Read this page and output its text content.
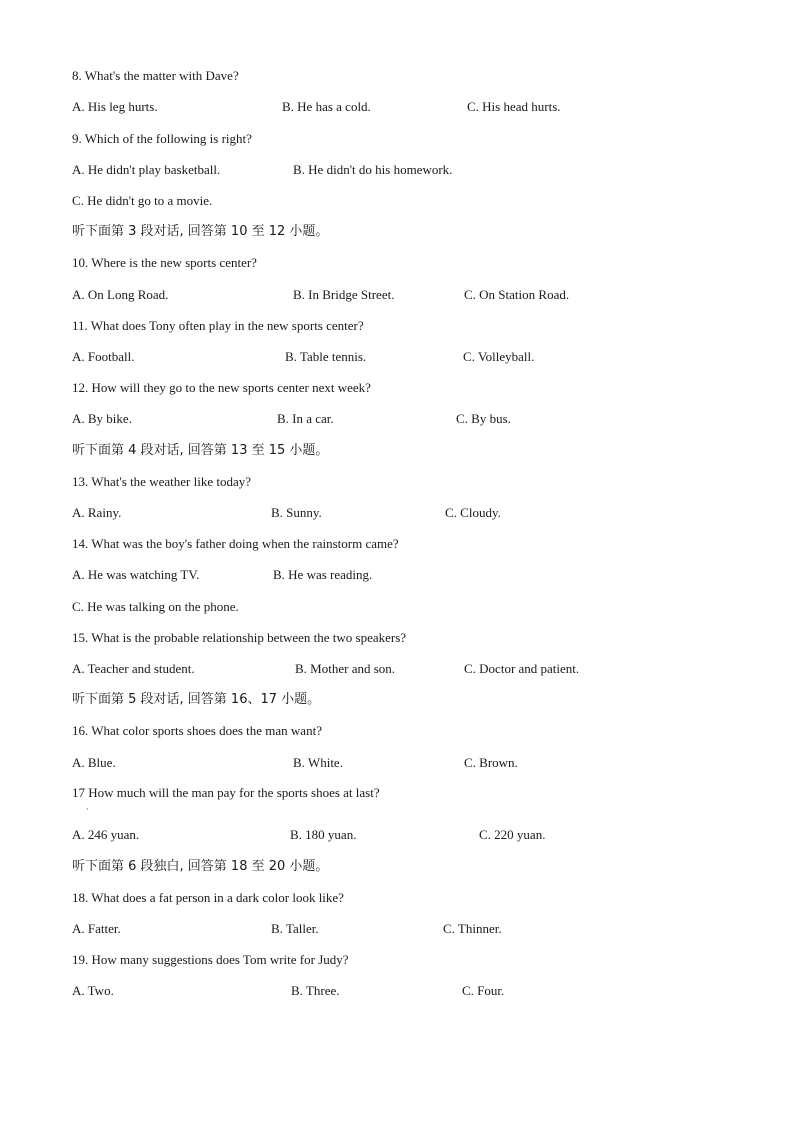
8. What's the matter with Dave?
A. His leg hurts.	B. He has a cold.	C. His head hurts.
9. Which of the following is right?
A. He didn't play basketball.	B. He didn't do his homework.
C. He didn't go to a movie.
听下面第 3 段对话, 回答第 10 至 12 小题。
10. Where is the new sports center?
A. On Long Road.	B. In Bridge Street.	C. On Station Road.
11. What does Tony often play in the new sports center?
A. Football.	B. Table tennis.	C. Volleyball.
12. How will they go to the new sports center next week?
A. By bike.	B. In a car.	C. By bus.
听下面第 4 段对话, 回答第 13 至 15 小题。
13. What's the weather like today?
A. Rainy.	B. Sunny.	C. Cloudy.
14. What was the boy's father doing when the rainstorm came?
A. He was watching TV.	B. He was reading.
C. He was talking on the phone.
15. What is the probable relationship between the two speakers?
A. Teacher and student.	B. Mother and son.	C. Doctor and patient.
听下面第 5 段对话, 回答第 16、17 小题。
16. What color sports shoes does the man want?
A. Blue.	B. White.	C. Brown.
17 How much will the man pay for the sports shoes at last?
·
A. 246 yuan.	B. 180 yuan.	C. 220 yuan.
听下面第 6 段独白, 回答第 18 至 20 小题。
18. What does a fat person in a dark color look like?
A. Fatter.	B. Taller.	C. Thinner.
19. How many suggestions does Tom write for Judy?
A. Two.	B. Three.	C. Four.
